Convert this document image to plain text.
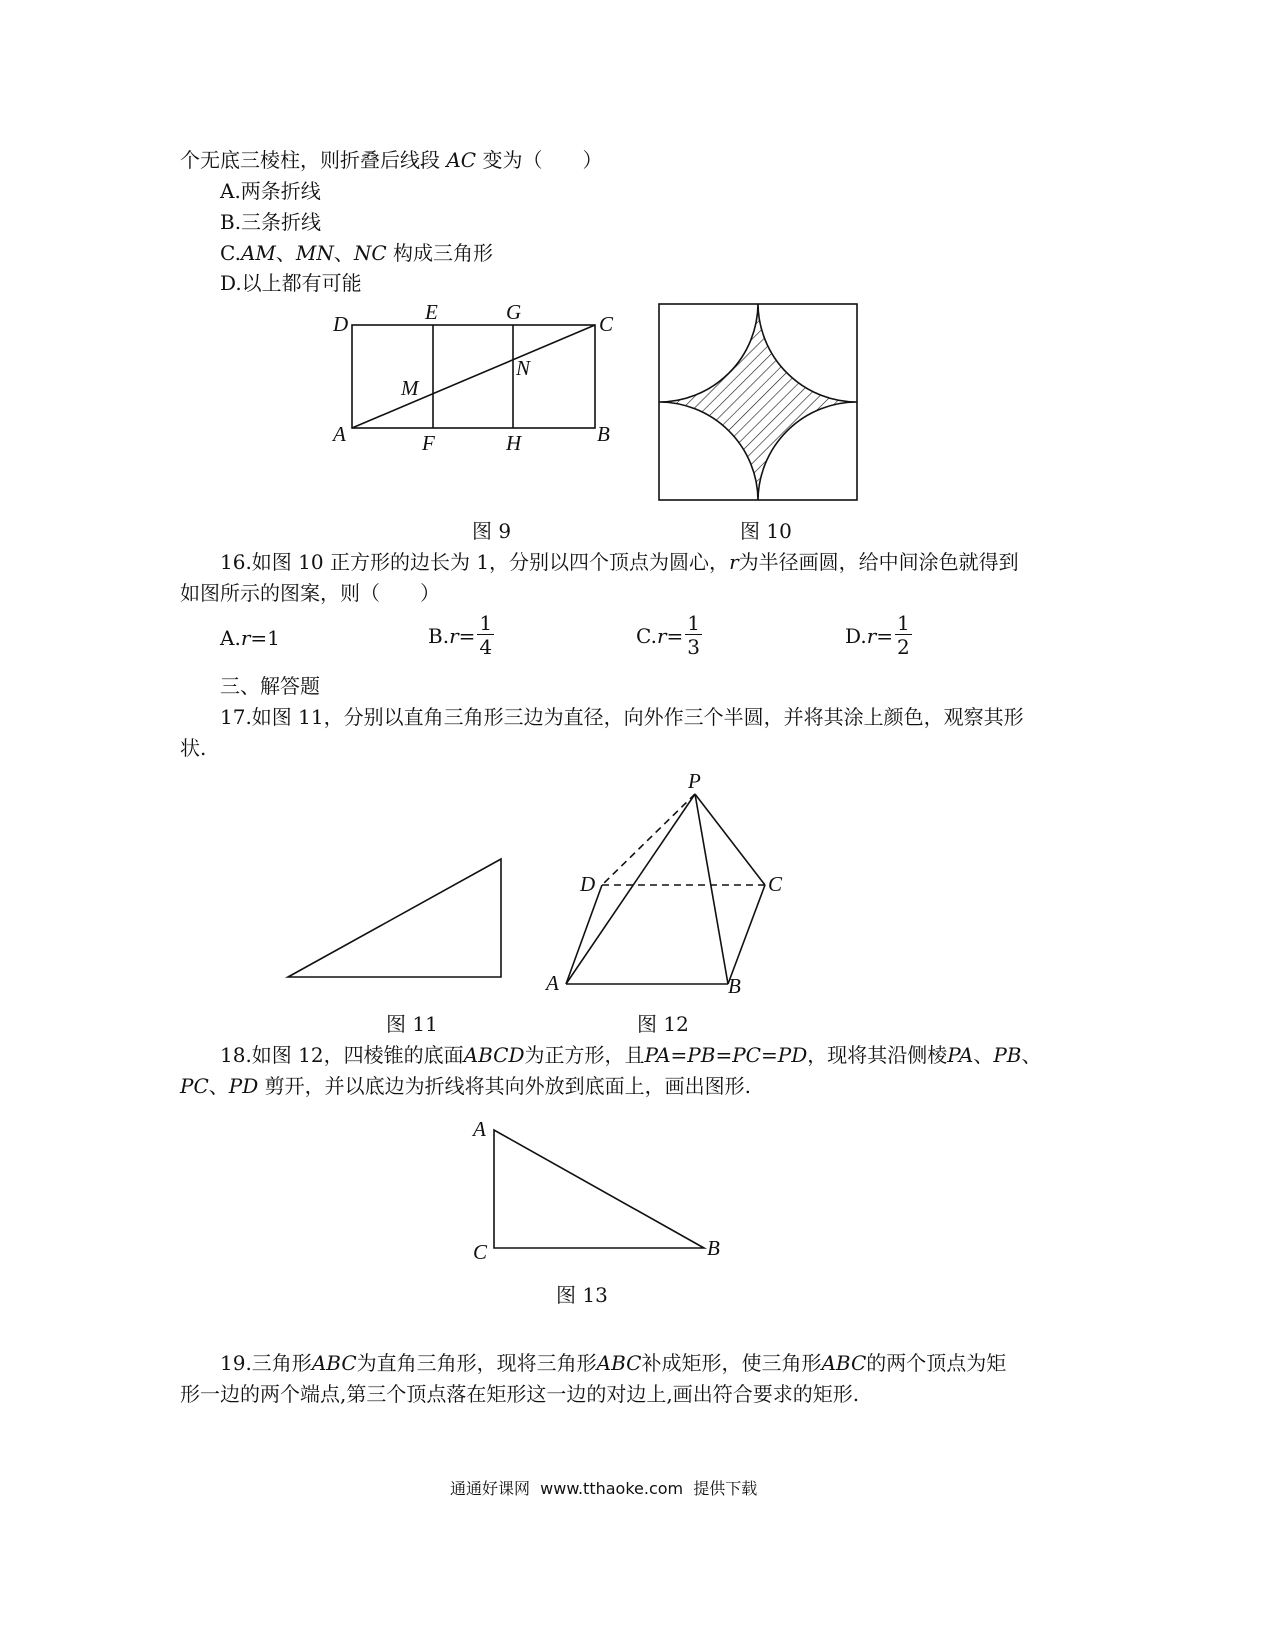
个无底三棱柱，则折叠后线段 AC 变为（　　）
A.两条折线
B.三条折线
C.AM、MN、NC 构成三角形
D.以上都有可能
D	E	G	C
M
N
A	F	H	B
图 9	图 10
16.如图 10 正方形的边长为 1，分别以四个顶点为圆心，r为半径画圆，给中间涂色就得到
如图所示的图案，则（　　）
A.r=1	B. $r = \frac{1}{4}$	C. $r = \frac{1}{3}$	D. $r = \frac{1}{2}$
三、解答题
17.如图 11，分别以直角三角形三边为直径，向外作三个半圆，并将其涂上颜色，观察其形
状.
P
D	C
A	B
图 11	图 12
18.如图 12，四棱锥的底面ABCD为正方形，且PA=PB=PC=PD，现将其沿侧棱PA、PB、
PC、PD 剪开，并以底边为折线将其向外放到底面上，画出图形.
A
C	B
图 13
19.三角形ABC为直角三角形，现将三角形ABC补成矩形，使三角形ABC的两个顶点为矩
形一边的两个端点,第三个顶点落在矩形这一边的对边上,画出符合要求的矩形.
通通好课网  www.tthaoke.com  提供下载
